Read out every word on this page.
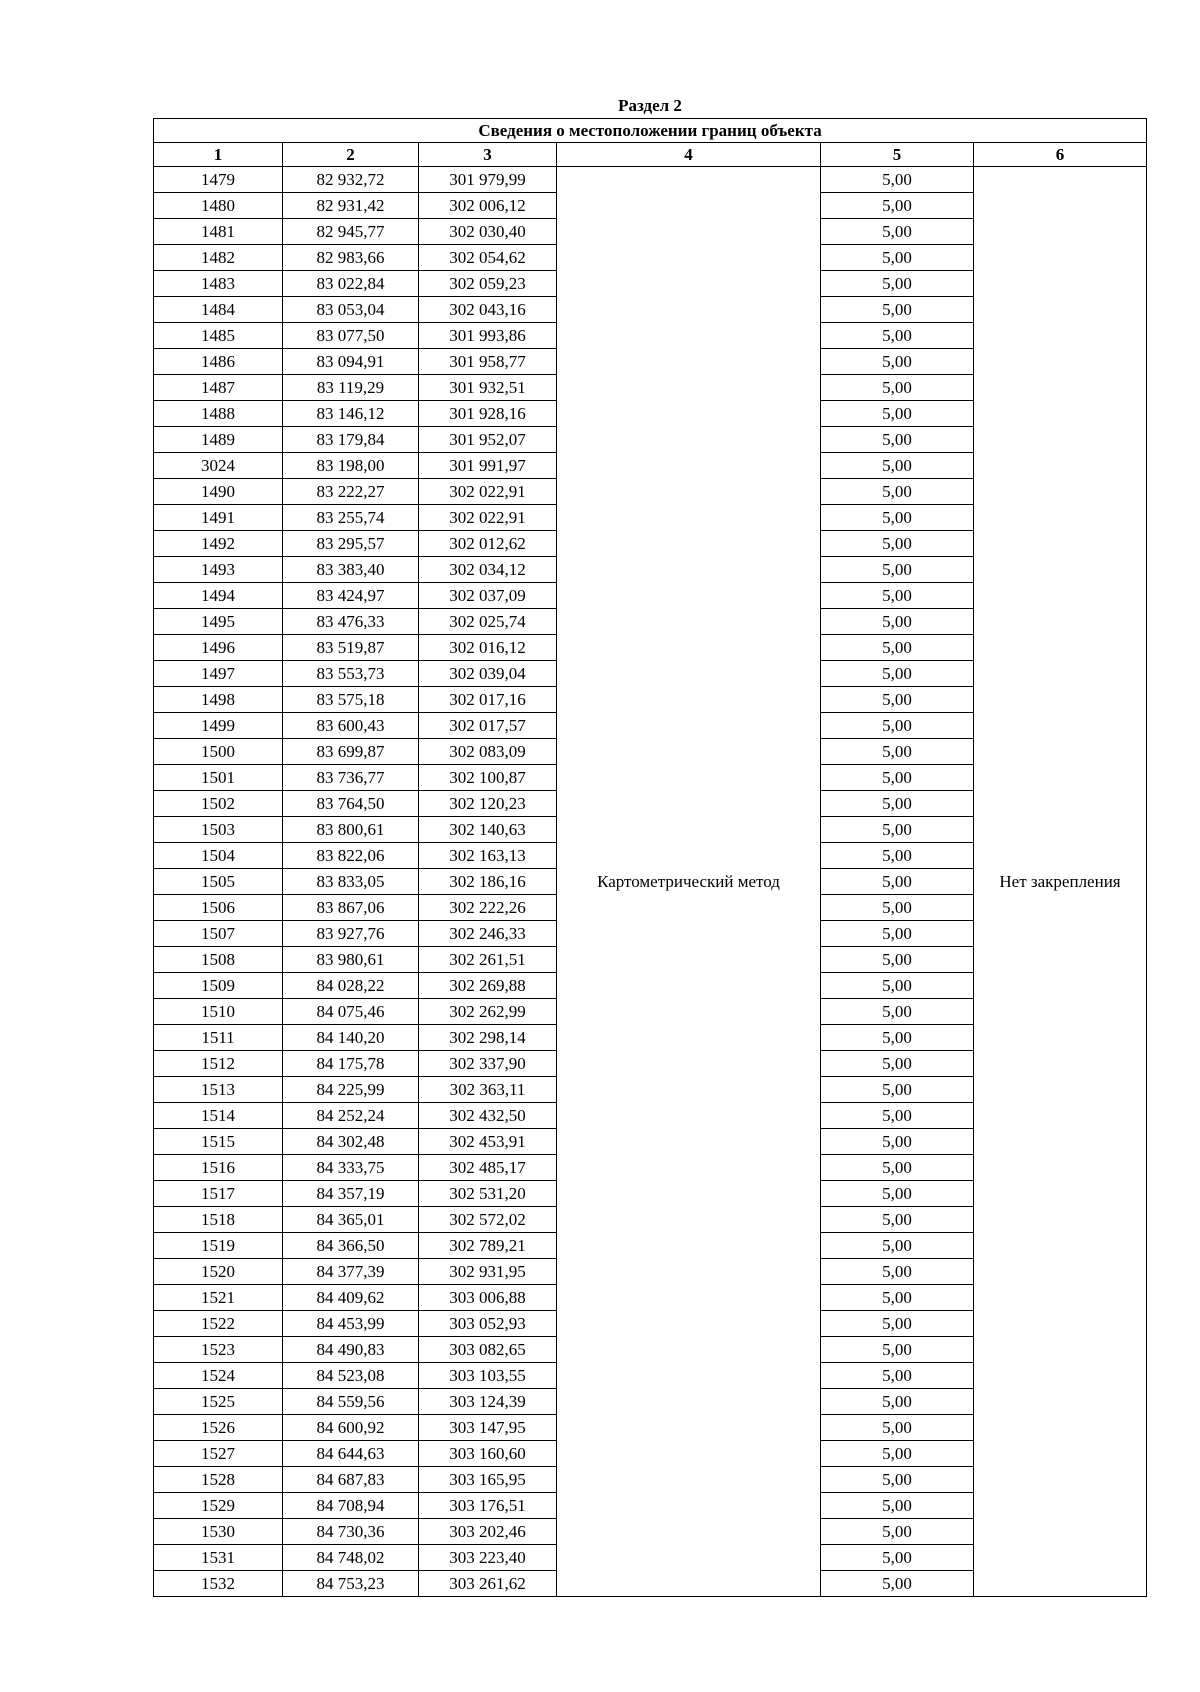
Раздел 2
Сведения о местоположении границ объекта					
1	2	3	4	5	6
1479	82 932,72	301 979,99	Картометрический метод	5,00	Нет закрепления
1480	82 931,42	302 006,12		5,00	
1481	82 945,77	302 030,40		5,00	
1482	82 983,66	302 054,62		5,00	
1483	83 022,84	302 059,23		5,00	
1484	83 053,04	302 043,16		5,00	
1485	83 077,50	301 993,86		5,00	
1486	83 094,91	301 958,77		5,00	
1487	83 119,29	301 932,51		5,00	
1488	83 146,12	301 928,16		5,00	
1489	83 179,84	301 952,07		5,00	
3024	83 198,00	301 991,97		5,00	
1490	83 222,27	302 022,91		5,00	
1491	83 255,74	302 022,91		5,00	
1492	83 295,57	302 012,62		5,00	
1493	83 383,40	302 034,12		5,00	
1494	83 424,97	302 037,09		5,00	
1495	83 476,33	302 025,74		5,00	
1496	83 519,87	302 016,12		5,00	
1497	83 553,73	302 039,04		5,00	
1498	83 575,18	302 017,16		5,00	
1499	83 600,43	302 017,57		5,00	
1500	83 699,87	302 083,09		5,00	
1501	83 736,77	302 100,87		5,00	
1502	83 764,50	302 120,23		5,00	
1503	83 800,61	302 140,63		5,00	
1504	83 822,06	302 163,13		5,00	
1505	83 833,05	302 186,16		5,00	
1506	83 867,06	302 222,26		5,00	
1507	83 927,76	302 246,33		5,00	
1508	83 980,61	302 261,51		5,00	
1509	84 028,22	302 269,88		5,00	
1510	84 075,46	302 262,99		5,00	
1511	84 140,20	302 298,14		5,00	
1512	84 175,78	302 337,90		5,00	
1513	84 225,99	302 363,11		5,00	
1514	84 252,24	302 432,50		5,00	
1515	84 302,48	302 453,91		5,00	
1516	84 333,75	302 485,17		5,00	
1517	84 357,19	302 531,20		5,00	
1518	84 365,01	302 572,02		5,00	
1519	84 366,50	302 789,21		5,00	
1520	84 377,39	302 931,95		5,00	
1521	84 409,62	303 006,88		5,00	
1522	84 453,99	303 052,93		5,00	
1523	84 490,83	303 082,65		5,00	
1524	84 523,08	303 103,55		5,00	
1525	84 559,56	303 124,39		5,00	
1526	84 600,92	303 147,95		5,00	
1527	84 644,63	303 160,60		5,00	
1528	84 687,83	303 165,95		5,00	
1529	84 708,94	303 176,51		5,00	
1530	84 730,36	303 202,46		5,00	
1531	84 748,02	303 223,40		5,00	
1532	84 753,23	303 261,62		5,00	
